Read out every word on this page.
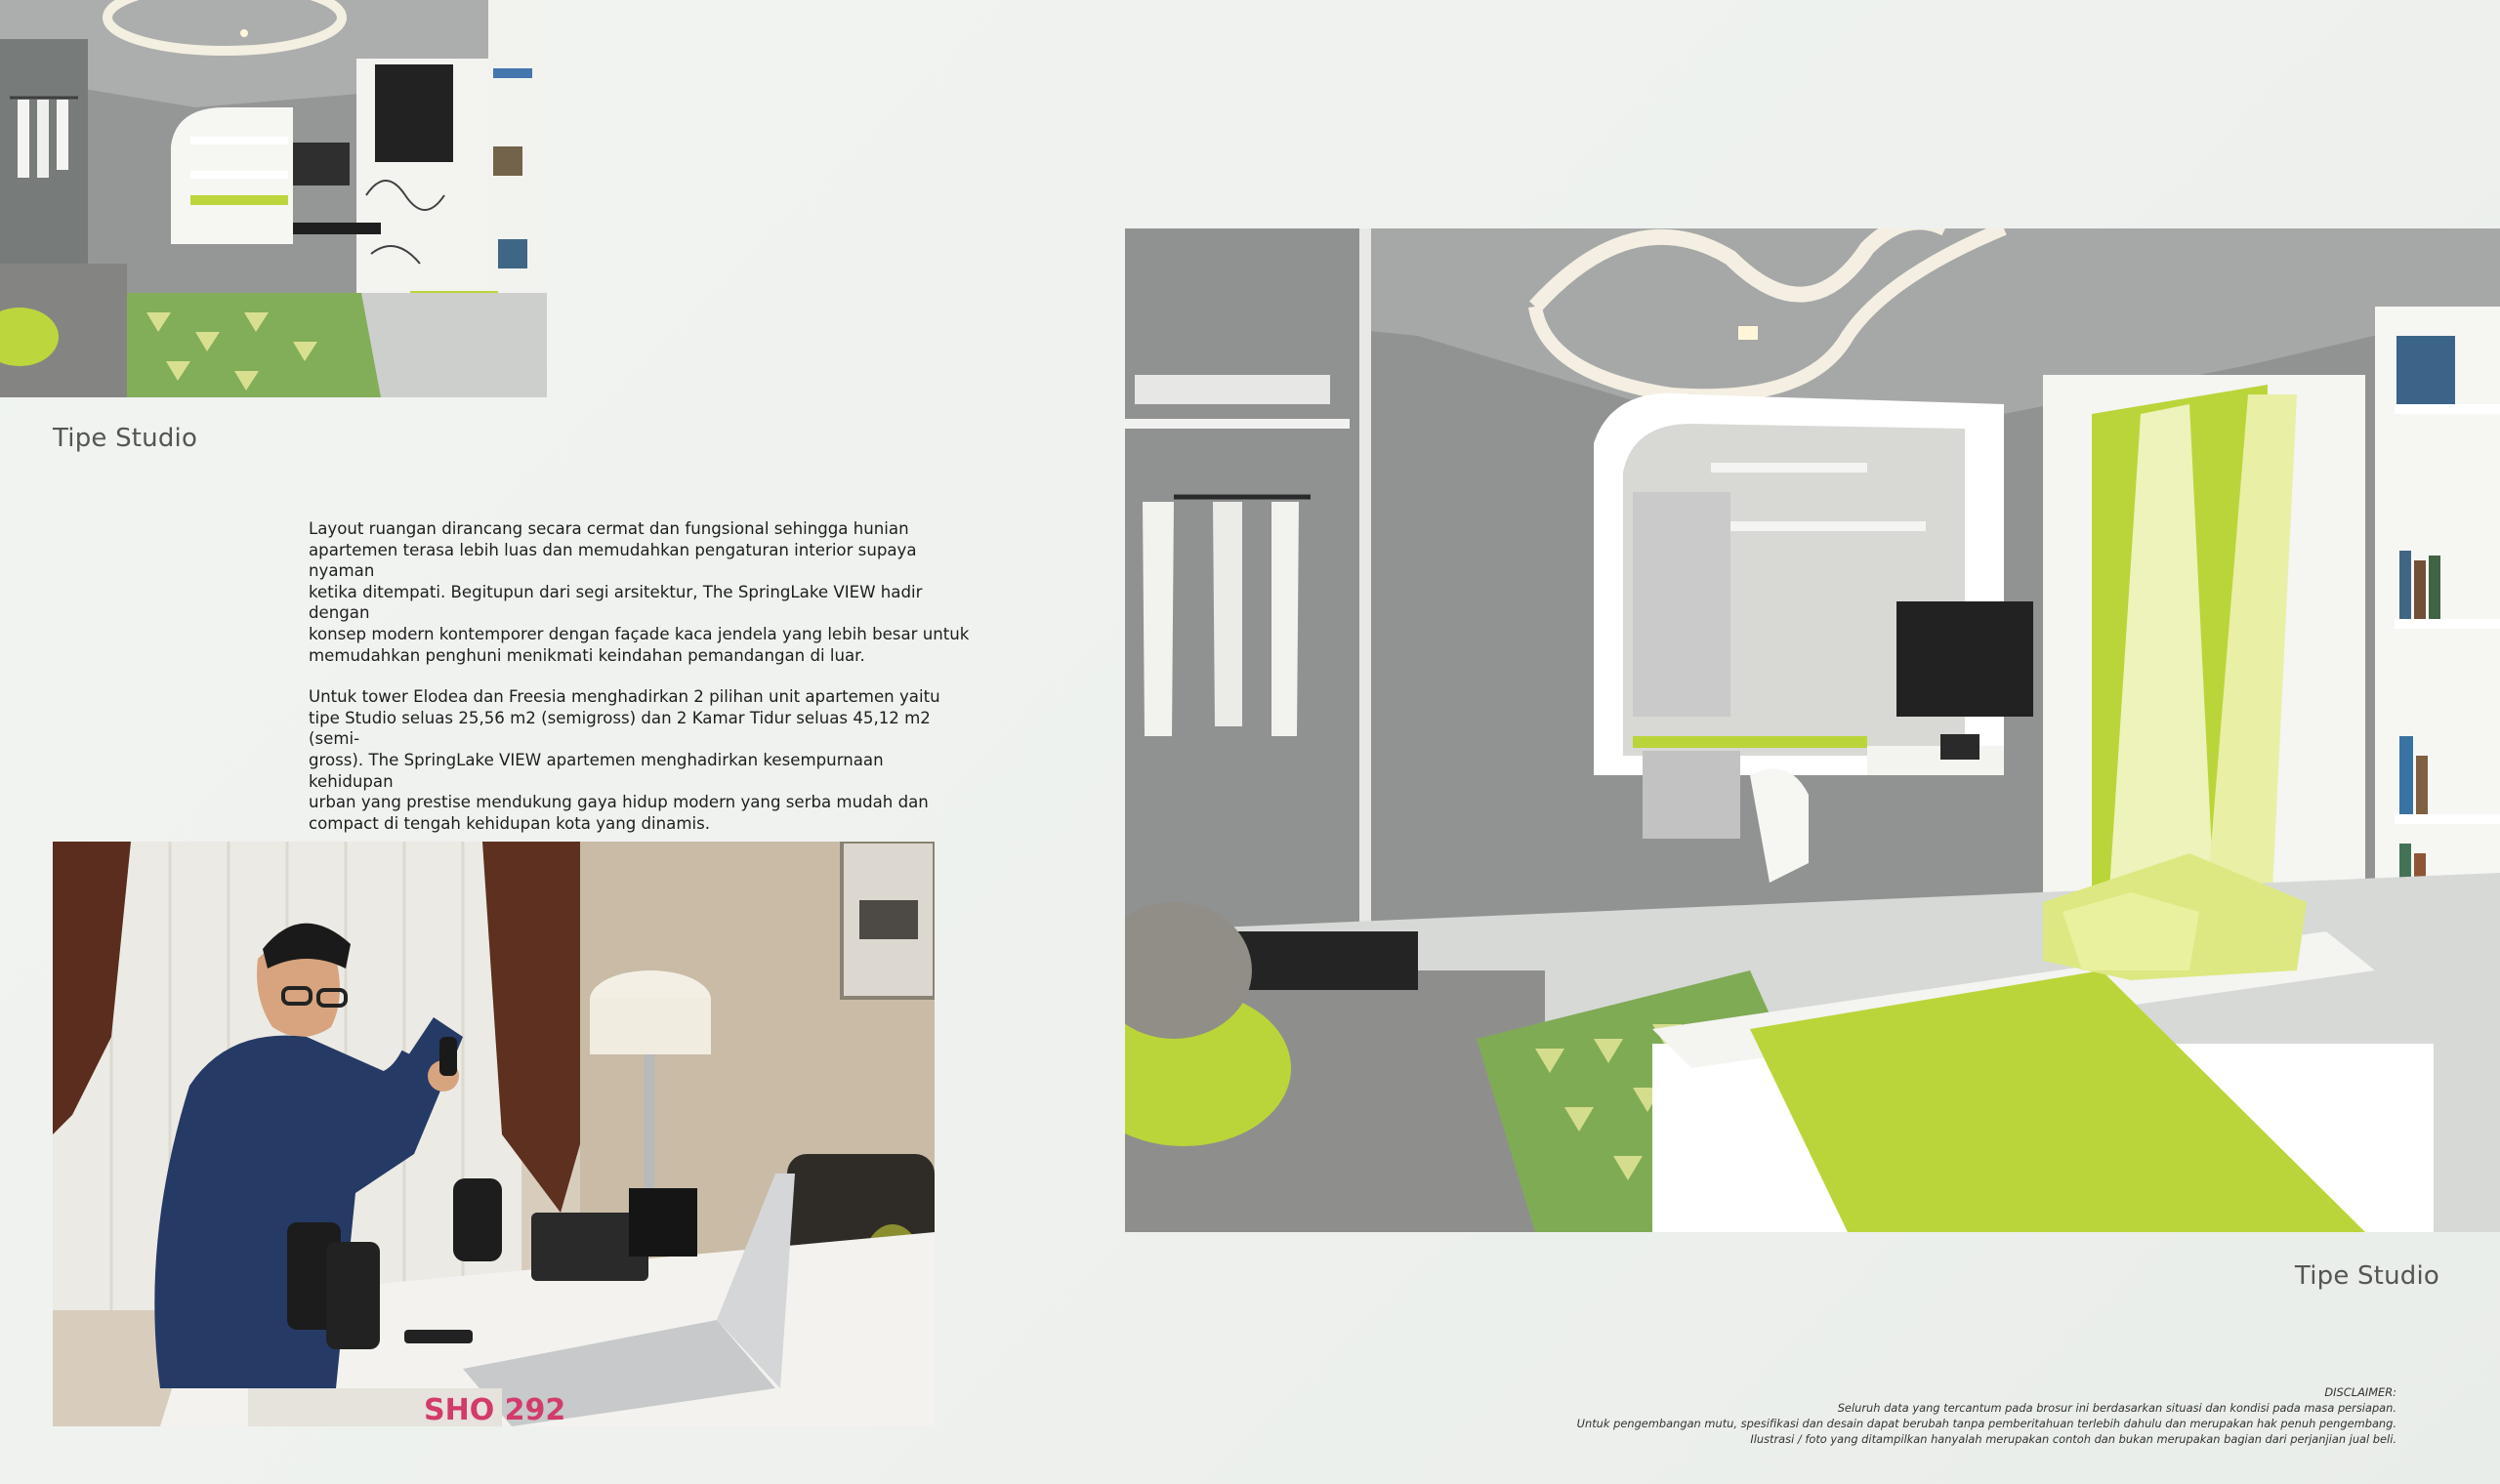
Tipe Studio

Layout ruangan dirancang secara cermat dan fungsional sehingga hunian
apartemen terasa lebih luas dan memudahkan pengaturan interior supaya nyaman
ketika ditempati. Begitupun dari segi arsitektur, The SpringLake VIEW hadir dengan
konsep modern kontemporer dengan façade kaca jendela yang lebih besar untuk
memudahkan penghuni menikmati keindahan pemandangan di luar.

Untuk tower Elodea dan Freesia menghadirkan 2 pilihan unit apartemen yaitu
tipe Studio seluas 25,56 m2 (semigross) dan 2 Kamar Tidur seluas 45,12 m2 (semi-
gross). The SpringLake VIEW apartemen menghadirkan kesempurnaan kehidupan
urban yang prestise mendukung gaya hidup modern yang serba mudah dan
compact di tengah kehidupan kota yang dinamis.

SHO 292
Tipe Studio
DISCLAIMER:
Seluruh data yang tercantum pada brosur ini berdasarkan situasi dan kondisi pada masa persiapan.
Untuk pengembangan mutu, spesifikasi dan desain dapat berubah tanpa pemberitahuan terlebih dahulu dan merupakan hak penuh pengembang.
Ilustrasi / foto yang ditampilkan hanyalah merupakan contoh dan bukan merupakan bagian dari perjanjian jual beli.
